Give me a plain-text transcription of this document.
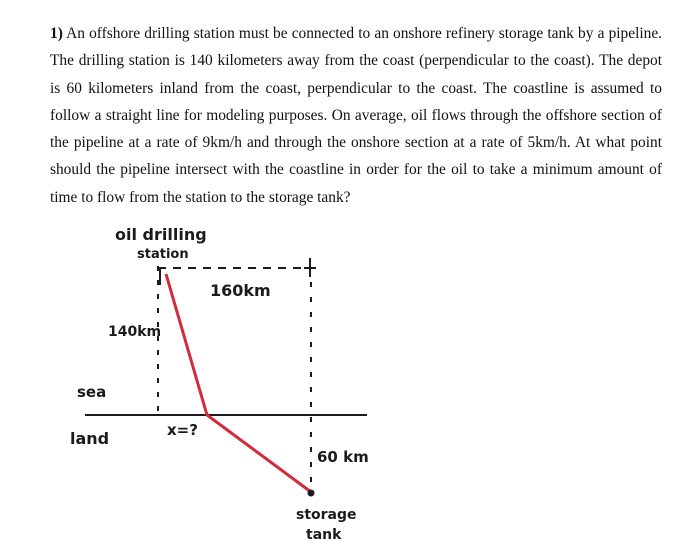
1) An offshore drilling station must be connected to an onshore refinery storage tank by a pipeline. The drilling station is 140 kilometers away from the coast (perpendicular to the coast). The depot is 60 kilometers inland from the coast, perpendicular to the coast. The coastline is assumed to follow a straight line for modeling purposes. On average, oil flows through the offshore section of the pipeline at a rate of 9km/h and through the onshore section at a rate of 5km/h. At what point should the pipeline intersect with the coastline in order for the oil to take a minimum amount of time to flow from the station to the storage tank?
oil drilling
station
160km
140km
sea
land	x=?
60 km
storage
tank
